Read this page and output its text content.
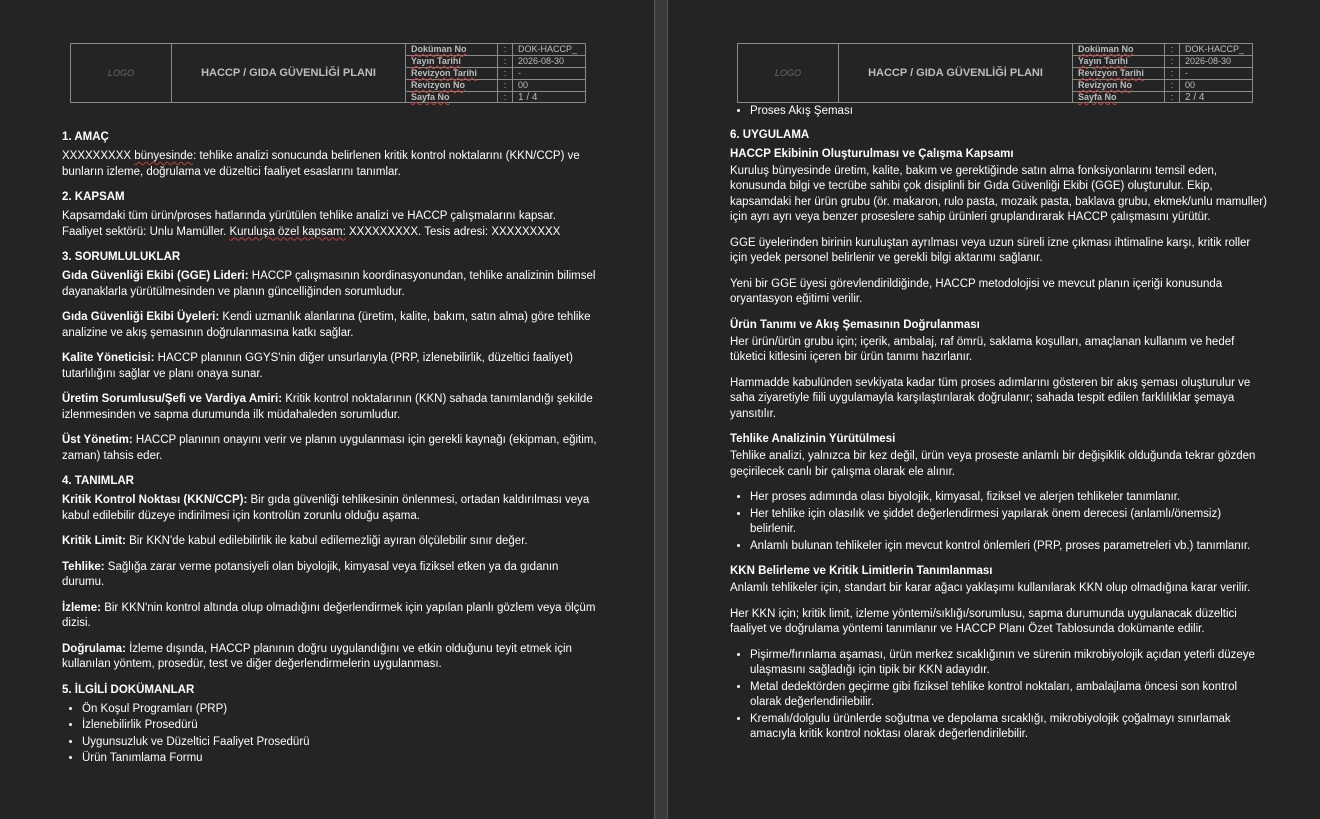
LOGO	HACCP / GIDA GÜVENLİĞİ PLANI
Doküman No	:	DOK-HACCP_
Yayın Tarihi	:	2026-08-30
Revizyon Tarihi	:	-
Revizyon No	:	00
Sayfa No	:	1 / 4
1. AMAÇ

XXXXXXXXX bünyesinde: tehlike analizi sonucunda belirlenen kritik kontrol noktalarını (KKN/CCP) ve bunların izleme, doğrulama ve düzeltici faaliyet esaslarını tanımlar.

2. KAPSAM

Kapsamdaki tüm ürün/proses hatlarında yürütülen tehlike analizi ve HACCP çalışmalarını kapsar.
Faaliyet sektörü: Unlu Mamüller. Kuruluşa özel kapsam: XXXXXXXXX. Tesis adresi: XXXXXXXXX

3. SORUMLULUKLAR

Gıda Güvenliği Ekibi (GGE) Lideri: HACCP çalışmasının koordinasyonundan, tehlike analizinin bilimsel dayanaklarla yürütülmesinden ve planın güncelliğinden sorumludur.

Gıda Güvenliği Ekibi Üyeleri: Kendi uzmanlık alanlarına (üretim, kalite, bakım, satın alma) göre tehlike analizine ve akış şemasının doğrulanmasına katkı sağlar.

Kalite Yöneticisi: HACCP planının GGYS'nin diğer unsurlarıyla (PRP, izlenebilirlik, düzeltici faaliyet) tutarlılığını sağlar ve planı onaya sunar.

Üretim Sorumlusu/Şefi ve Vardiya Amiri: Kritik kontrol noktalarının (KKN) sahada tanımlandığı şekilde izlenmesinden ve sapma durumunda ilk müdahaleden sorumludur.

Üst Yönetim: HACCP planının onayını verir ve planın uygulanması için gerekli kaynağı (ekipman, eğitim, zaman) tahsis eder.

4. TANIMLAR

Kritik Kontrol Noktası (KKN/CCP): Bir gıda güvenliği tehlikesinin önlenmesi, ortadan kaldırılması veya kabul edilebilir düzeye indirilmesi için kontrolün zorunlu olduğu aşama.

Kritik Limit: Bir KKN'de kabul edilebilirlik ile kabul edilemezliği ayıran ölçülebilir sınır değer.

Tehlike: Sağlığa zarar verme potansiyeli olan biyolojik, kimyasal veya fiziksel etken ya da gıdanın durumu.

İzleme: Bir KKN'nin kontrol altında olup olmadığını değerlendirmek için yapılan planlı gözlem veya ölçüm dizisi.

Doğrulama: İzleme dışında, HACCP planının doğru uygulandığını ve etkin olduğunu teyit etmek için kullanılan yöntem, prosedür, test ve diğer değerlendirmelerin uygulanması.

5. İLGİLİ DOKÜMANLAR
• Ön Koşul Programları (PRP)
• İzlenebilirlik Prosedürü
• Uygunsuzluk ve Düzeltici Faaliyet Prosedürü
• Ürün Tanımlama Formu
LOGO	HACCP / GIDA GÜVENLİĞİ PLANI
Doküman No	:	DOK-HACCP_
Yayın Tarihi	:	2026-08-30
Revizyon Tarihi	:	-
Revizyon No	:	00
Sayfa No	:	2 / 4
• Proses Akış Şeması
6. UYGULAMA
HACCP Ekibinin Oluşturulması ve Çalışma Kapsamı

Kuruluş bünyesinde üretim, kalite, bakım ve gerektiğinde satın alma fonksiyonlarını temsil eden, konusunda bilgi ve tecrübe sahibi çok disiplinli bir Gıda Güvenliği Ekibi (GGE) oluşturulur. Ekip, kapsamdaki her ürün grubu (ör. makaron, rulo pasta, mozaik pasta, baklava grubu, ekmek/unlu mamuller) için ayrı ayrı veya benzer proseslere sahip ürünleri gruplandırarak HACCP çalışmasını yürütür.

GGE üyelerinden birinin kuruluştan ayrılması veya uzun süreli izne çıkması ihtimaline karşı, kritik roller için yedek personel belirlenir ve gerekli bilgi aktarımı sağlanır.

Yeni bir GGE üyesi görevlendirildiğinde, HACCP metodolojisi ve mevcut planın içeriği konusunda oryantasyon eğitimi verilir.

Ürün Tanımı ve Akış Şemasının Doğrulanması

Her ürün/ürün grubu için; içerik, ambalaj, raf ömrü, saklama koşulları, amaçlanan kullanım ve hedef tüketici kitlesini içeren bir ürün tanımı hazırlanır.

Hammadde kabulünden sevkiyata kadar tüm proses adımlarını gösteren bir akış şeması oluşturulur ve saha ziyaretiyle fiili uygulamayla karşılaştırılarak doğrulanır; sahada tespit edilen farklılıklar şemaya yansıtılır.

Tehlike Analizinin Yürütülmesi

Tehlike analizi, yalnızca bir kez değil, ürün veya proseste anlamlı bir değişiklik olduğunda tekrar gözden geçirilecek canlı bir çalışma olarak ele alınır.

• Her proses adımında olası biyolojik, kimyasal, fiziksel ve alerjen tehlikeler tanımlanır.
• Her tehlike için olasılık ve şiddet değerlendirmesi yapılarak önem derecesi (anlamlı/önemsiz) belirlenir.
• Anlamlı bulunan tehlikeler için mevcut kontrol önlemleri (PRP, proses parametreleri vb.) tanımlanır.
KKN Belirleme ve Kritik Limitlerin Tanımlanması

Anlamlı tehlikeler için, standart bir karar ağacı yaklaşımı kullanılarak KKN olup olmadığına karar verilir.

Her KKN için; kritik limit, izleme yöntemi/sıklığı/sorumlusu, sapma durumunda uygulanacak düzeltici faaliyet ve doğrulama yöntemi tanımlanır ve HACCP Planı Özet Tablosunda dokümante edilir.

• Pişirme/fırınlama aşaması, ürün merkez sıcaklığının ve sürenin mikrobiyolojik açıdan yeterli düzeye ulaşmasını sağladığı için tipik bir KKN adayıdır.
• Metal dedektörden geçirme gibi fiziksel tehlike kontrol noktaları, ambalajlama öncesi son kontrol olarak değerlendirilebilir.
• Kremalı/dolgulu ürünlerde soğutma ve depolama sıcaklığı, mikrobiyolojik çoğalmayı sınırlamak amacıyla kritik kontrol noktası olarak değerlendirilebilir.
